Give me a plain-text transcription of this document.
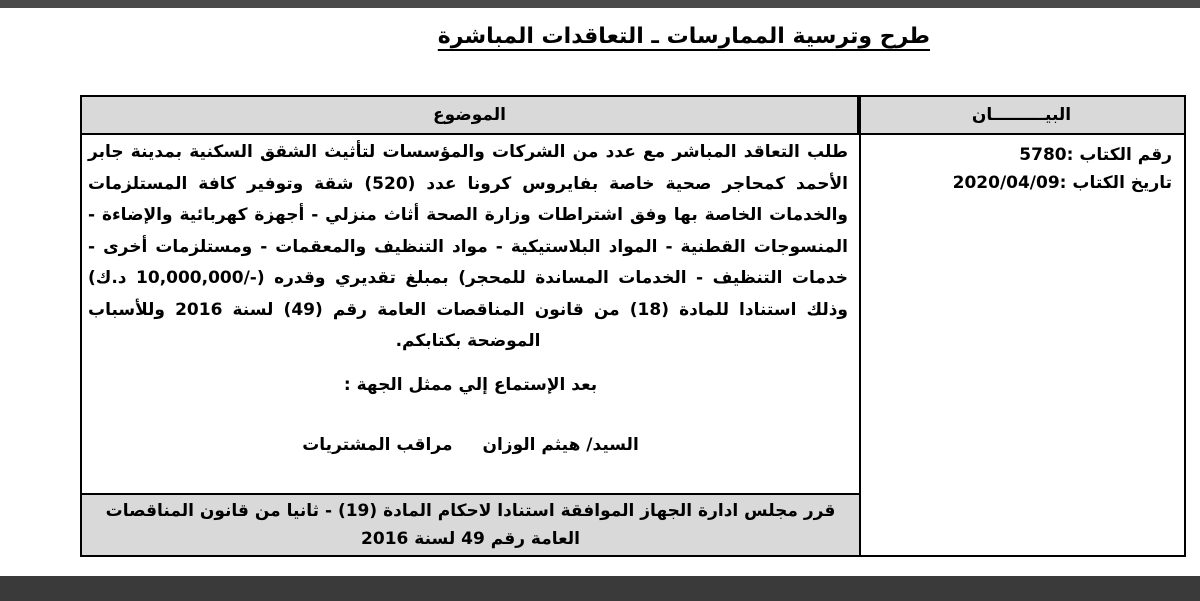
طرح وترسية الممارسات ـ التعاقدات المباشرة
الموضوع	البيـــــــــان
رقم الكتاب :5780
تاريخ الكتاب :2020/04/09
طلب التعاقد المباشر مع عدد من الشركات والمؤسسات لتأثيث الشقق السكنية بمدينة جابر الأحمد كمحاجر صحية خاصة بفايروس كرونا عدد (520) شقة وتوفير كافة المستلزمات والخدمات الخاصة بها وفق اشتراطات وزارة الصحة أثاث منزلي - أجهزة كهربائية والإضاءة - المنسوجات القطنية - المواد البلاستيكية - مواد التنظيف والمعقمات - ومستلزمات أخرى - خدمات التنظيف - الخدمات المساندة للمحجر) بمبلغ تقديري وقدره (-/10,000,000 د.ك) وذلك استنادا للمادة (18) من قانون المناقصات العامة رقم (49) لسنة 2016 وللأسباب الموضحة بكتابكم.
بعد الإستماع إلي ممثل الجهة :
السيد/ هيثم الوزانمراقب المشتريات
قرر مجلس ادارة الجهاز الموافقة استنادا لاحكام المادة (19) - ثانيا من قانون المناقصات العامة رقم 49 لسنة 2016
